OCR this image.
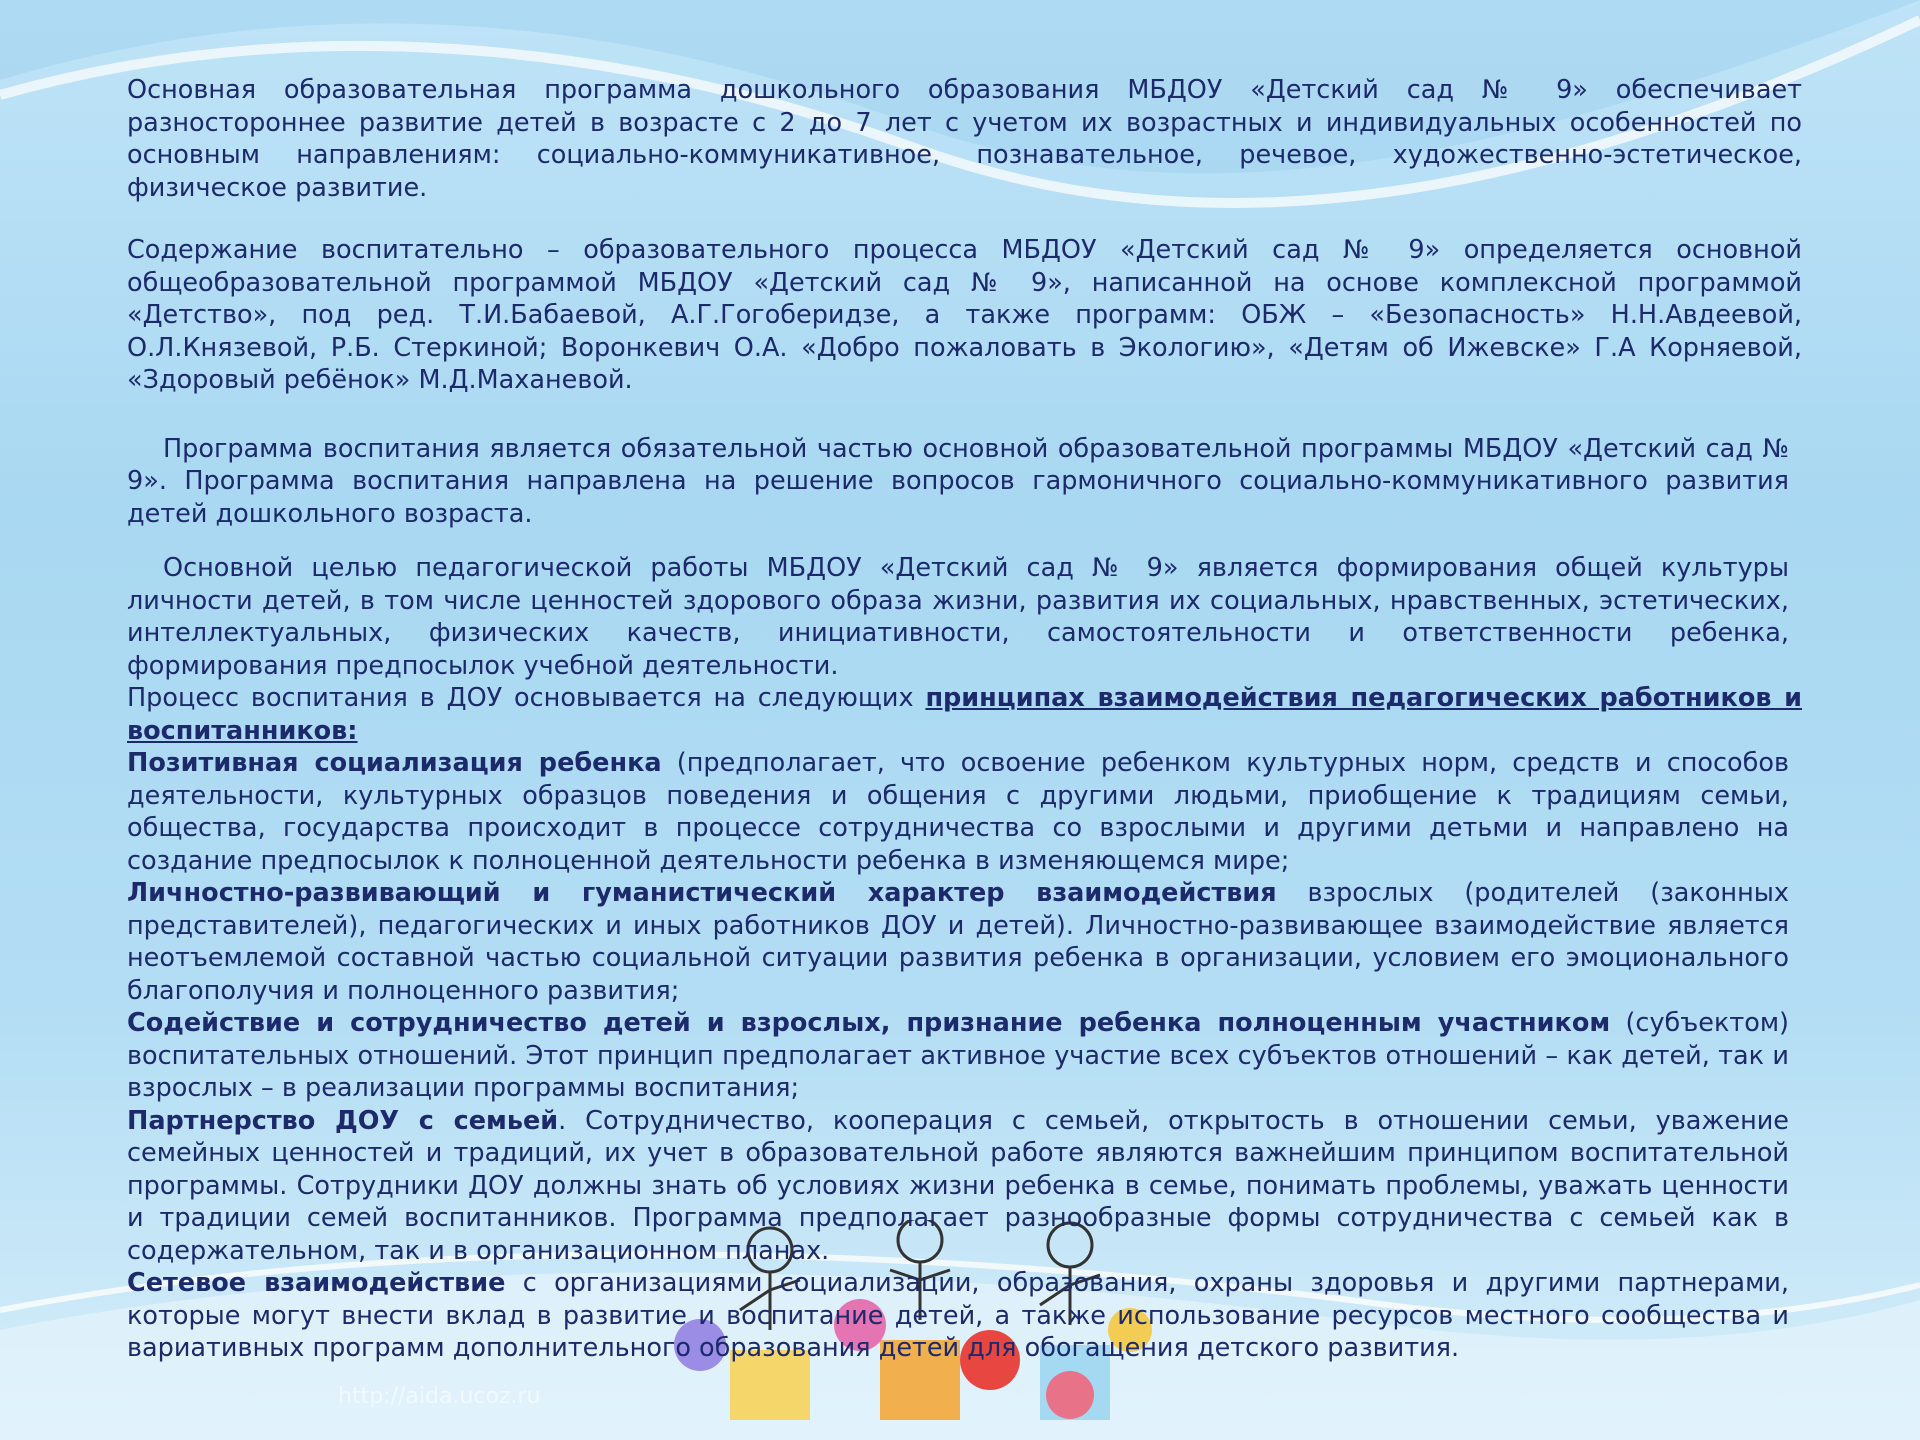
http://aida.ucoz.ru

Основная образовательная программа дошкольного образования МБДОУ «Детский сад № 9» обеспечивает разностороннее развитие детей в возрасте с 2 до 7 лет с учетом их возрастных и индивидуальных особенностей по основным направлениям: социально-коммуникативное, познавательное, речевое, художественно-эстетическое, физическое развитие.

Содержание воспитательно – образовательного процесса МБДОУ «Детский сад № 9» определяется основной общеобразовательной программой МБДОУ «Детский сад № 9», написанной на основе комплексной программой «Детство», под ред. Т.И.Бабаевой, А.Г.Гогоберидзе, а также программ: ОБЖ – «Безопасность» Н.Н.Авдеевой, О.Л.Князевой, Р.Б. Стеркиной; Воронкевич О.А. «Добро пожаловать в Экологию», «Детям об Ижевске» Г.А Корняевой, «Здоровый ребёнок» М.Д.Маханевой.

Программа воспитания является обязательной частью основной образовательной программы МБДОУ «Детский сад № 9». Программа воспитания направлена на решение вопросов гармоничного социально-коммуникативного развития детей дошкольного возраста.

Основной целью педагогической работы МБДОУ «Детский сад № 9» является формирования общей культуры личности детей, в том числе ценностей здорового образа жизни, развития их социальных, нравственных, эстетических, интеллектуальных, физических качеств, инициативности, самостоятельности и ответственности ребенка, формирования предпосылок учебной деятельности.

Процесс воспитания в ДОУ основывается на следующих принципах взаимодействия педагогических работников и воспитанников:

Позитивная социализация ребенка (предполагает, что освоение ребенком культурных норм, средств и способов деятельности, культурных образцов поведения и общения с другими людьми, приобщение к традициям семьи, общества, государства происходит в процессе сотрудничества со взрослыми и другими детьми и направлено на создание предпосылок к полноценной деятельности ребенка в изменяющемся мире;

Личностно-развивающий и гуманистический характер взаимодействия взрослых (родителей (законных представителей), педагогических и иных работников ДОУ и детей). Личностно-развивающее взаимодействие является неотъемлемой составной частью социальной ситуации развития ребенка в организации, условием его эмоционального благополучия и полноценного развития;

Содействие и сотрудничество детей и взрослых, признание ребенка полноценным участником (субъектом) воспитательных отношений. Этот принцип предполагает активное участие всех субъектов отношений – как детей, так и взрослых – в реализации программы воспитания;

Партнерство ДОУ с семьей. Сотрудничество, кооперация с семьей, открытость в отношении семьи, уважение семейных ценностей и традиций, их учет в образовательной работе являются важнейшим принципом воспитательной программы. Сотрудники ДОУ должны знать об условиях жизни ребенка в семье, понимать проблемы, уважать ценности и традиции семей воспитанников. Программа предполагает разнообразные формы сотрудничества с семьей как в содержательном, так и в организационном планах.

Сетевое взаимодействие с организациями социализации, образования, охраны здоровья и другими партнерами, которые могут внести вклад в развитие и воспитание детей, а также использование ресурсов местного сообщества и вариативных программ дополнительного образования детей для обогащения детского развития.
